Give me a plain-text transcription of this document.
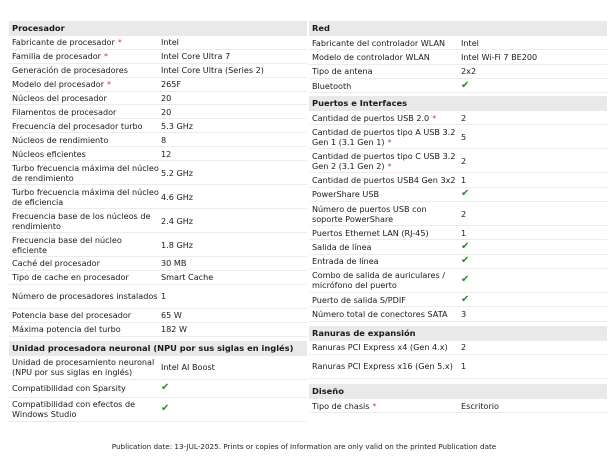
Procesador
Fabricante de procesador *	Intel
Familia de procesador *	Intel Core Ultra 7
Generación de procesadores	Intel Core Ultra (Series 2)
Modelo del procesador *	265F
Núcleos del procesador	20
Filamentos de procesador	20
Frecuencia del procesador turbo	5.3 GHz
Núcleos de rendimiento	8
Núcleos eficientes	12
Turbo frecuencia máxima del núcleo de rendimiento	5.2 GHz
Turbo frecuencia máxima del núcleo de eficiencia	4.6 GHz
Frecuencia base de los núcleos de rendimiento	2.4 GHz
Frecuencia base del núcleo eficiente	1.8 GHz
Caché del procesador	30 MB
Tipo de cache en procesador	Smart Cache
Número de procesadores instalados 1
Potencia base del procesador	65 W
Máxima potencia del turbo	182 W
Unidad procesadora neuronal (NPU por sus siglas en inglés)
Unidad de procesamiento neuronal (NPU por sus siglas en inglés)	Intel AI Boost
Compatibilidad con Sparsity	✔
Compatibilidad con efectos de Windows Studio	✔
Red
Fabricante del controlador WLAN	Intel
Modelo de controlador WLAN	Intel Wi-Fi 7 BE200
Tipo de antena	2x2
Bluetooth	✔
Puertos e Interfaces
Cantidad de puertos USB 2.0 *	2
Cantidad de puertos tipo A USB 3.2 Gen 1 (3.1 Gen 1) *	5
Cantidad de puertos tipo C USB 3.2 Gen 2 (3.1 Gen 2) *	2
Cantidad de puertos USB4 Gen 3x2 1
PowerShare USB	✔
Número de puertos USB con soporte PowerShare	2
Puertos Ethernet LAN (RJ-45)	1
Salida de línea	✔
Entrada de línea	✔
Combo de salida de auriculares / micrófono del puerto	✔
Puerto de salida S/PDIF	✔
Número total de conectores SATA	3
Ranuras de expansión
Ranuras PCI Express x4 (Gen 4.x)	2
Ranuras PCI Express x16 (Gen 5.x)	1
Diseño
Tipo de chasis *	Escritorio
Publication date: 13-JUL-2025. Prints or copies of Information are only valid on the printed Publication date
